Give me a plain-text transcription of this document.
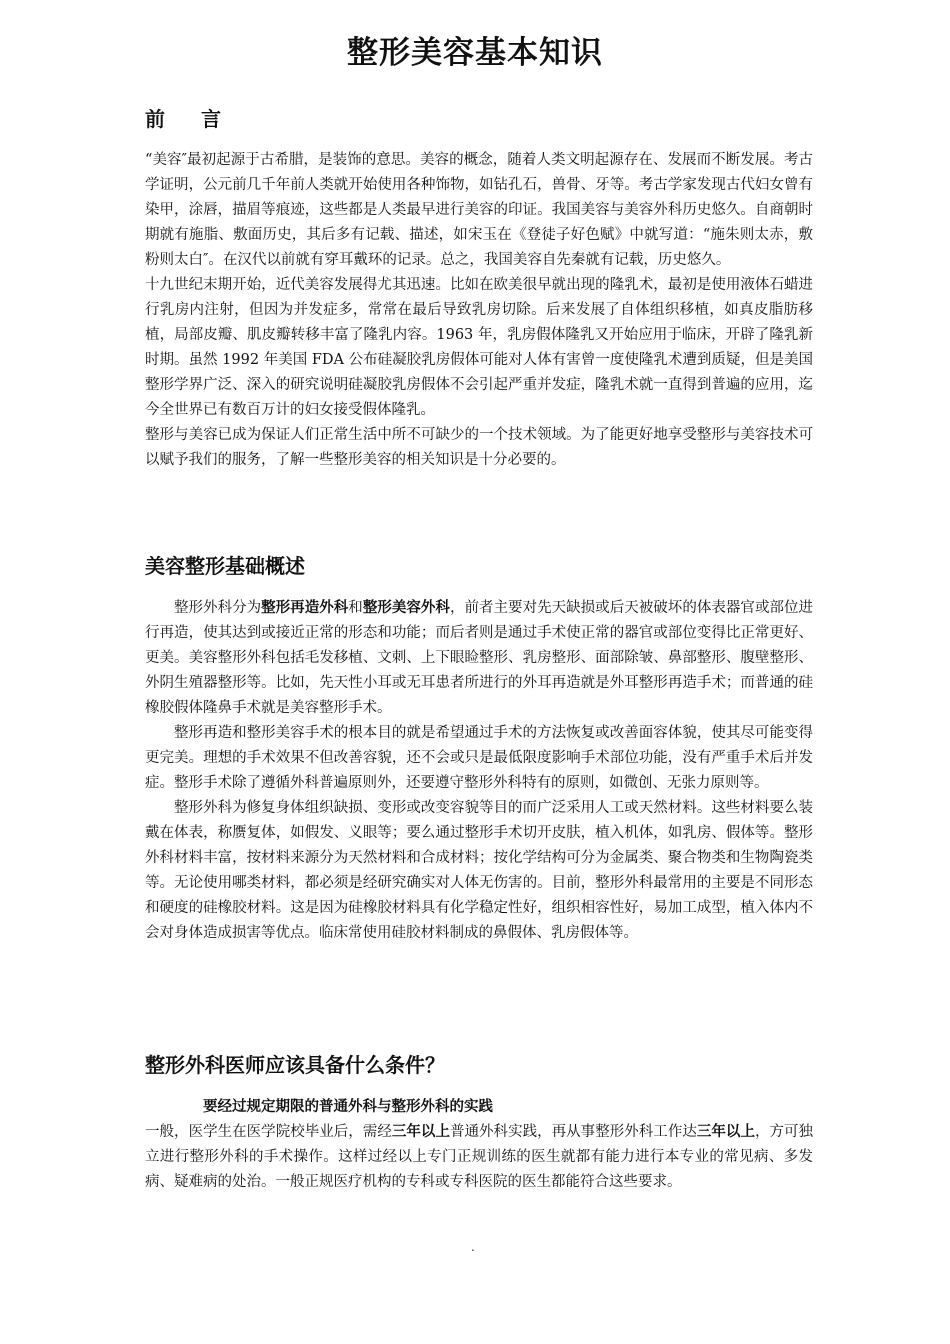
整形美容基本知识
前言

“美容″最初起源于古希腊，是装饰的意思。美容的概念，随着人类文明起源存在、发展而不断发展。考古学证明，公元前几千年前人类就开始使用各种饰物，如钻孔石，兽骨、牙等。考古学家发现古代妇女曾有染甲，涂唇，描眉等痕迹，这些都是人类最早进行美容的印证。我国美容与美容外科历史悠久。自商朝时期就有施脂、敷面历史，其后多有记载、描述，如宋玉在《登徒子好色赋》中就写道：“施朱则太赤，敷粉则太白″。在汉代以前就有穿耳戴环的记录。总之，我国美容自先秦就有记载，历史悠久。

十九世纪末期开始，近代美容发展得尤其迅速。比如在欧美很早就出现的隆乳术，最初是使用液体石蜡进行乳房内注射，但因为并发症多，常常在最后导致乳房切除。后来发展了自体组织移植，如真皮脂肪移植，局部皮瓣、肌皮瓣转移丰富了隆乳内容。1963 年，乳房假体隆乳又开始应用于临床，开辟了隆乳新时期。虽然 1992 年美国 FDA 公布硅凝胶乳房假体可能对人体有害曾一度使隆乳术遭到质疑，但是美国整形学界广泛、深入的研究说明硅凝胶乳房假体不会引起严重并发症，隆乳术就一直得到普遍的应用，迄今全世界已有数百万计的妇女接受假体隆乳。

整形与美容已成为保证人们正常生活中所不可缺少的一个技术领域。为了能更好地享受整形与美容技术可以赋予我们的服务，了解一些整形美容的相关知识是十分必要的。

美容整形基础概述

整形外科分为整形再造外科和整形美容外科，前者主要对先天缺损或后天被破坏的体表器官或部位进行再造，使其达到或接近正常的形态和功能；而后者则是通过手术使正常的器官或部位变得比正常更好、更美。美容整形外科包括毛发移植、文刺、上下眼睑整形、乳房整形、面部除皱、鼻部整形、腹壁整形、外阴生殖器整形等。比如，先天性小耳或无耳患者所进行的外耳再造就是外耳整形再造手术；而普通的硅橡胶假体隆鼻手术就是美容整形手术。

整形再造和整形美容手术的根本目的就是希望通过手术的方法恢复或改善面容体貌，使其尽可能变得更完美。理想的手术效果不但改善容貌，还不会或只是最低限度影响手术部位功能，没有严重手术后并发症。整形手术除了遵循外科普遍原则外，还要遵守整形外科特有的原则，如微创、无张力原则等。

整形外科为修复身体组织缺损、变形或改变容貌等目的而广泛采用人工或天然材料。这些材料要么装戴在体表，称赝复体，如假发、义眼等；要么通过整形手术切开皮肤，植入机体，如乳房、假体等。整形外科材料丰富，按材料来源分为天然材料和合成材料；按化学结构可分为金属类、聚合物类和生物陶瓷类等。无论使用哪类材料，都必须是经研究确实对人体无伤害的。目前，整形外科最常用的主要是不同形态和硬度的硅橡胶材料。这是因为硅橡胶材料具有化学稳定性好，组织相容性好，易加工成型，植入体内不会对身体造成损害等优点。临床常使用硅胶材料制成的鼻假体、乳房假体等。

整形外科医师应该具备什么条件？
要经过规定期限的普通外科与整形外科的实践

一般，医学生在医学院校毕业后，需经三年以上普通外科实践，再从事整形外科工作达三年以上，方可独立进行整形外科的手术操作。这样过经以上专门正规训练的医生就都有能力进行本专业的常见病、多发病、疑难病的处治。一般正规医疗机构的专科或专科医院的医生都能符合这些要求。

.
